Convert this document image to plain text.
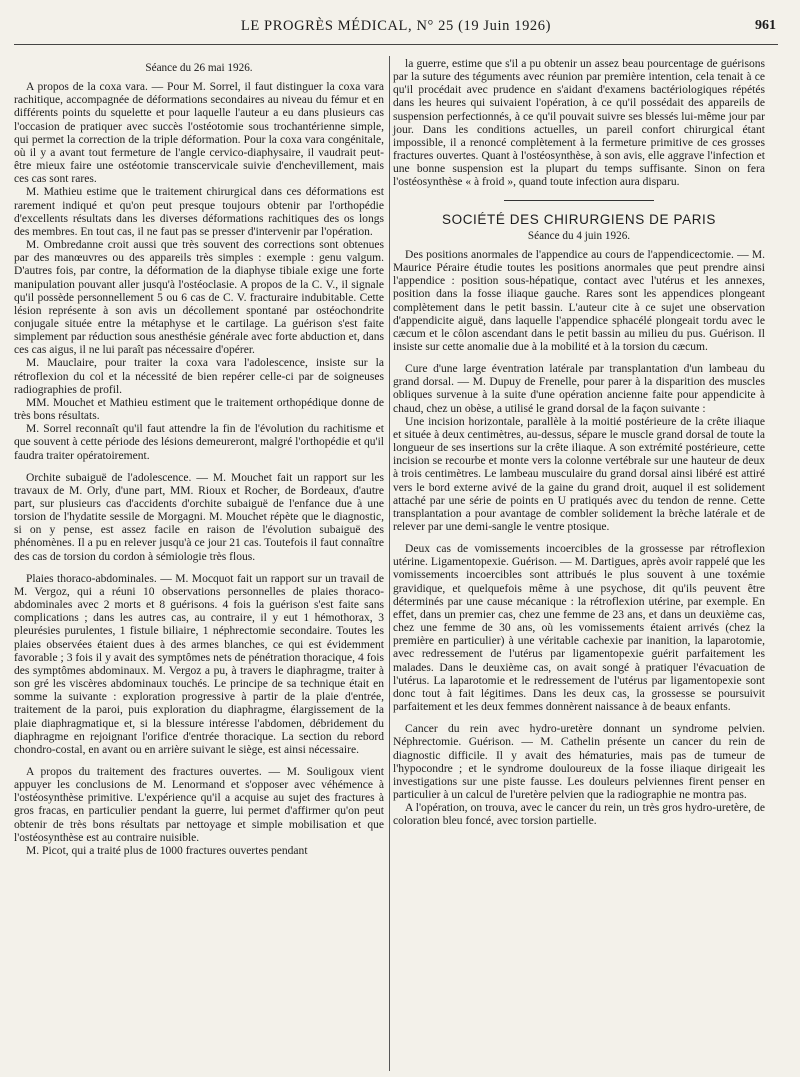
LE PROGRÈS MÉDICAL, N° 25 (19 Juin 1926)	961

Séance du 26 mai 1926.

A propos de la coxa vara. — Pour M. Sorrel, il faut distinguer la coxa vara rachitique, accompagnée de déformations secondaires au niveau du fémur et en différents points du squelette et pour laquelle l'auteur a eu dans plusieurs cas l'occasion de pratiquer avec succès l'ostéotomie sous trochantérienne simple, qui permet la correction de la triple déformation. Pour la coxa vara congénitale, où il y a avant tout fermeture de l'angle cervico-diaphysaire, il vaudrait peut-être mieux faire une ostéotomie transcervicale suivie d'enchevillement, mais ces cas sont rares.

M. Mathieu estime que le traitement chirurgical dans ces déformations est rarement indiqué et qu'on peut presque toujours obtenir par l'orthopédie d'excellents résultats dans les diverses déformations rachitiques des os longs des membres. En tout cas, il ne faut pas se presser d'intervenir par l'opération.

M. Ombredanne croit aussi que très souvent des corrections sont obtenues par des manœuvres ou des appareils très simples : exemple : genu valgum. D'autres fois, par contre, la déformation de la diaphyse tibiale exige une forte manipulation pouvant aller jusqu'à l'ostéoclasie. A propos de la C. V., il signale qu'il possède personnellement 5 ou 6 cas de C. V. fracturaire indubitable. Cette lésion représente à son avis un décollement spontané par ostéochondrite conjugale située entre la métaphyse et le cartilage. La guérison s'est faite simplement par réduction sous anesthésie générale avec forte abduction et, dans ces cas aigus, il ne lui paraît pas nécessaire d'opérer.

M. Mauclaire, pour traiter la coxa vara l'adolescence, insiste sur la rétroflexion du col et la nécessité de bien repérer celle-ci par de soigneuses radiographies de profil.

MM. Mouchet et Mathieu estiment que le traitement orthopédique donne de très bons résultats.

M. Sorrel reconnaît qu'il faut attendre la fin de l'évolution du rachitisme et que souvent à cette période des lésions demeureront, malgré l'orthopédie et qu'il faudra traiter opératoirement.

Orchite subaiguë de l'adolescence. — M. Mouchet fait un rapport sur les travaux de M. Orly, d'une part, MM. Rioux et Rocher, de Bordeaux, d'autre part, sur plusieurs cas d'accidents d'orchite subaiguë de l'enfance due à une torsion de l'hydatite sessile de Morgagni. M. Mouchet répète que le diagnostic, si on y pense, est assez facile en raison de l'évolution subaiguë des phénomènes. Il a pu en relever jusqu'à ce jour 21 cas. Toutefois il faut connaître des cas de torsion du cordon à sémiologie très flous.

Plaies thoraco-abdominales. — M. Mocquot fait un rapport sur un travail de M. Vergoz, qui a réuni 10 observations personnelles de plaies thoraco-abdominales avec 2 morts et 8 guérisons. 4 fois la guérison s'est faite sans complications ; dans les autres cas, au contraire, il y eut 1 hémothorax, 3 pleurésies purulentes, 1 fistule biliaire, 1 néphrectomie secondaire. Toutes les plaies observées étaient dues à des armes blanches, ce qui est évidemment favorable ; 3 fois il y avait des symptômes nets de pénétration thoracique, 4 fois des symptômes abdominaux. M. Vergoz a pu, à travers le diaphragme, traiter à son gré les viscères abdominaux touchés. Le principe de sa technique était en somme la suivante : exploration progressive à partir de la plaie d'entrée, traitement de la paroi, puis exploration du diaphragme, élargissement de la plaie diaphragmatique et, si la blessure intéresse l'abdomen, débridement du diaphragme en rejoignant l'orifice d'entrée thoracique. La section du rebord chondro-costal, en avant ou en arrière suivant le siège, est ainsi nécessaire.

A propos du traitement des fractures ouvertes. — M. Souligoux vient appuyer les conclusions de M. Lenormand et s'opposer avec véhémence à l'ostéosynthèse primitive. L'expérience qu'il a acquise au sujet des fractures à gros fracas, en particulier pendant la guerre, lui permet d'affirmer qu'on peut obtenir de très bons résultats par nettoyage et simple mobilisation et que l'ostéosynthèse est au contraire nuisible.

M. Picot, qui a traité plus de 1000 fractures ouvertes pendant

la guerre, estime que s'il a pu obtenir un assez beau pourcentage de guérisons par la suture des téguments avec réunion par première intention, cela tenait à ce qu'il procédait avec prudence en s'aidant d'examens bactériologiques répétés dans les heures qui suivaient l'opération, à ce qu'il possédait des appareils de suspension perfectionnés, à ce qu'il pouvait suivre ses blessés lui-même jour par jour. Dans les conditions actuelles, un pareil confort chirurgical étant impossible, il a renoncé complètement à la fermeture primitive de ces grosses fractures ouvertes. Quant à l'ostéosynthèse, à son avis, elle aggrave l'infection et une bonne suspension est la plupart du temps suffisante. Sinon on fera l'ostéosynthèse « à froid », quand toute infection aura disparu.

SOCIÉTÉ DES CHIRURGIENS DE PARIS

Séance du 4 juin 1926.

Des positions anormales de l'appendice au cours de l'appendicectomie. — M. Maurice Péraire étudie toutes les positions anormales que peut prendre ainsi l'appendice : position sous-hépatique, contact avec l'utérus et les annexes, position dans la fosse iliaque gauche. Rares sont les appendices plongeant complètement dans le petit bassin. L'auteur cite à ce sujet une observation d'appendicite aiguë, dans laquelle l'appendice sphacélé plongeait tordu avec le cæcum et le côlon ascendant dans le petit bassin au milieu du pus. Guérison. Il insiste sur cette anomalie due à la mobilité et à la torsion du cæcum.

Cure d'une large éventration latérale par transplantation d'un lambeau du grand dorsal. — M. Dupuy de Frenelle, pour parer à la disparition des muscles obliques survenue à la suite d'une opération ancienne faite pour appendicite à chaud, chez un obèse, a utilisé le grand dorsal de la façon suivante :

Une incision horizontale, parallèle à la moitié postérieure de la crête iliaque et située à deux centimètres, au-dessus, sépare le muscle grand dorsal de toute la longueur de ses insertions sur la crête iliaque. A son extrémité postérieure, cette incision se recourbe et monte vers la colonne vertébrale sur une hauteur de deux à trois centimètres. Le lambeau musculaire du grand dorsal ainsi libéré est attiré vers le bord externe avivé de la gaine du grand droit, auquel il est solidement attaché par une série de points en U pratiqués avec du tendon de renne. Cette transplantation a pour avantage de combler solidement la brèche latérale et de relever par une demi-sangle le ventre ptosique.

Deux cas de vomissements incoercibles de la grossesse par rétroflexion utérine. Ligamentopexie. Guérison. — M. Dartigues, après avoir rappelé que les vomissements incoercibles sont attribués le plus souvent à une toxémie gravidique, et quelquefois même à une psychose, dit qu'ils peuvent être déterminés par une cause mécanique : la rétroflexion utérine, par exemple. En effet, dans un premier cas, chez une femme de 23 ans, et dans un deuxième cas, chez une femme de 30 ans, où les vomissements étaient arrivés (chez la première en particulier) à une véritable cachexie par inanition, la laparotomie, avec redressement de l'utérus par ligamentopexie guérit parfaitement les malades. Dans le deuxième cas, on avait songé à pratiquer l'évacuation de l'utérus. La laparotomie et le redressement de l'utérus par ligamentopexie sont donc tout à fait légitimes. Dans les deux cas, la grossesse se poursuivit parfaitement et les deux femmes donnèrent naissance à de beaux enfants.

Cancer du rein avec hydro-uretère donnant un syndrome pelvien. Néphrectomie. Guérison. — M. Cathelin présente un cancer du rein de diagnostic difficile. Il y avait des hématuries, mais pas de tumeur de l'hypocondre ; et le syndrome douloureux de la fosse iliaque dirigeait les investigations sur une piste fausse. Les douleurs pelviennes firent penser en particulier à un calcul de l'uretère pelvien que la radiographie ne montra pas.

A l'opération, on trouva, avec le cancer du rein, un très gros hydro-uretère, de coloration bleu foncé, avec torsion partielle.
